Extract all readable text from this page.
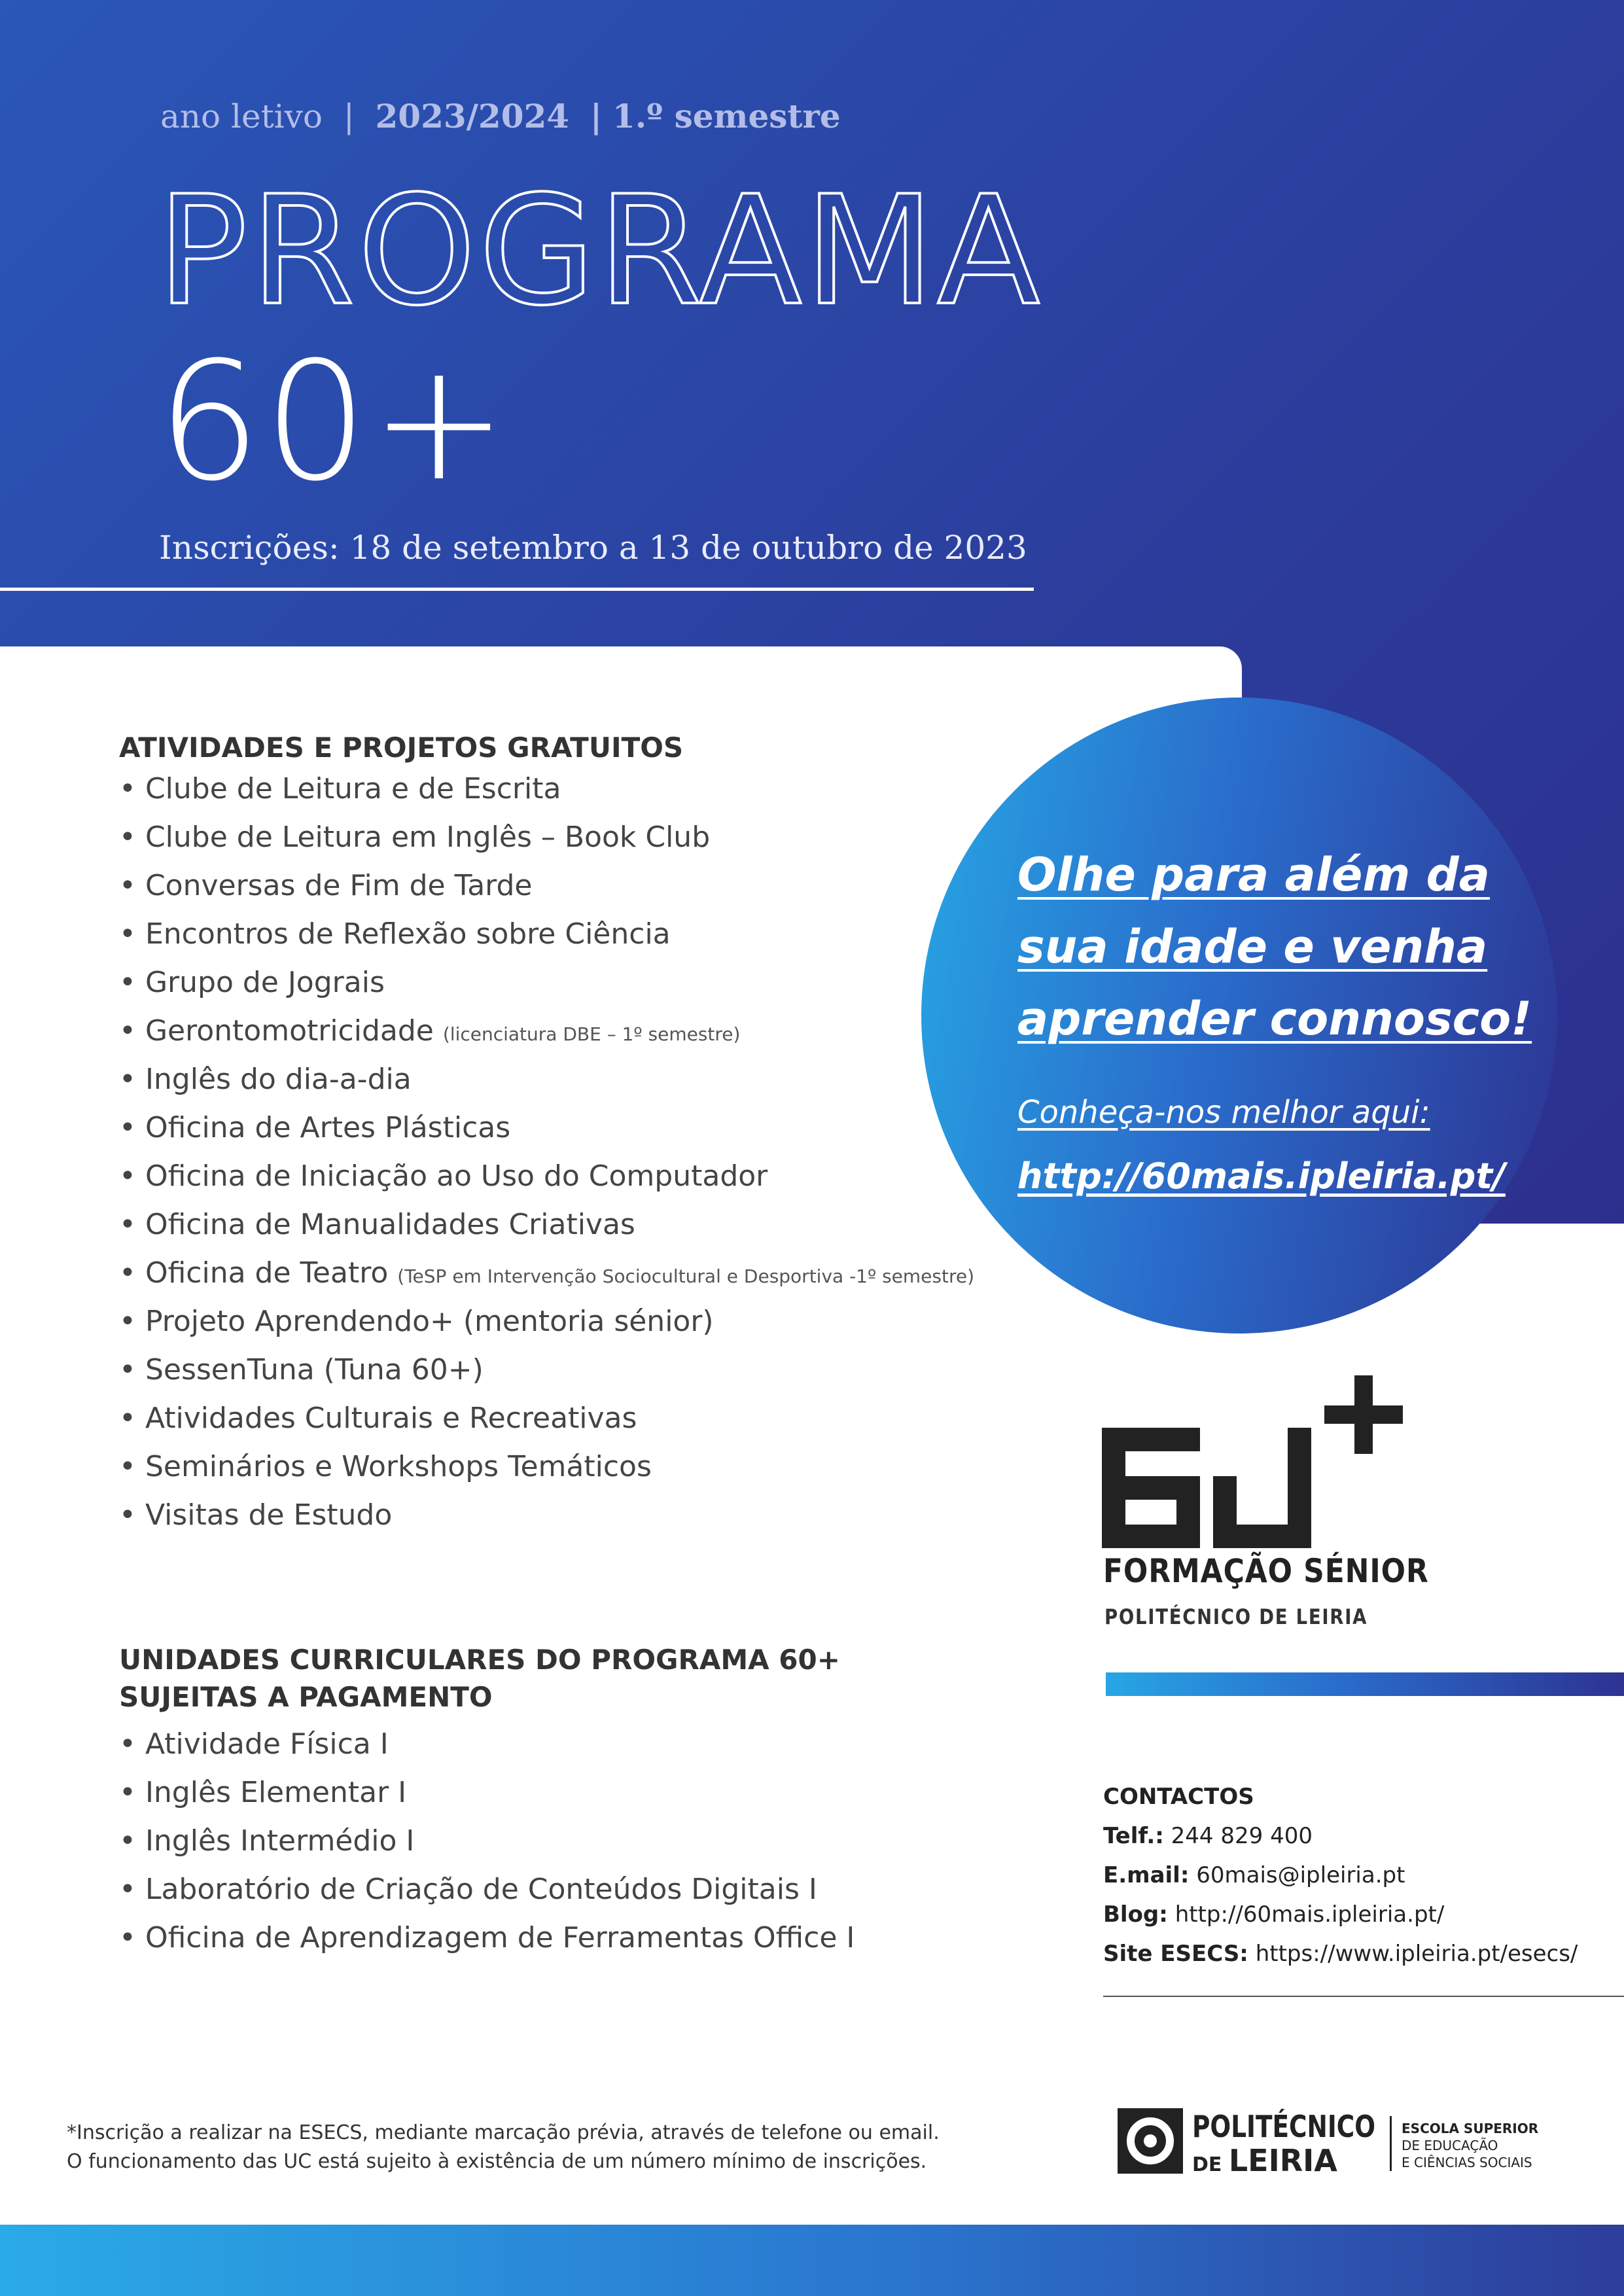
ano letivo | 2023/2024 | 1.º semestre
PROGRAMA
60+
Inscrições: 18 de setembro a 13 de outubro de 2023
ATIVIDADES E PROJETOS GRATUITOS
• Clube de Leitura e de Escrita
• Clube de Leitura em Inglês – Book Club
• Conversas de Fim de Tarde
• Encontros de Reflexão sobre Ciência
• Grupo de Jograis
• Gerontomotricidade (licenciatura DBE – 1º semestre)
• Inglês do dia-a-dia
• Oficina de Artes Plásticas
• Oficina de Iniciação ao Uso do Computador
• Oficina de Manualidades Criativas
• Oficina de Teatro (TeSP em Intervenção Sociocultural e Desportiva -1º semestre)
• Projeto Aprendendo+ (mentoria sénior)
• SessenTuna (Tuna 60+)
• Atividades Culturais e Recreativas
• Seminários e Workshops Temáticos
• Visitas de Estudo
UNIDADES CURRICULARES DO PROGRAMA 60+
SUJEITAS A PAGAMENTO
• Atividade Física I
• Inglês Elementar I
• Inglês Intermédio I
• Laboratório de Criação de Conteúdos Digitais I
• Oficina de Aprendizagem de Ferramentas Office I
Olhe para além da
sua idade e venha
aprender connosco!
Conheça-nos melhor aqui:
http://60mais.ipleiria.pt/
FORMAÇÃO SÉNIOR
POLITÉCNICO DE LEIRIA
CONTACTOS
Telf.: 244 829 400
E.mail: 60mais@ipleiria.pt
Blog: http://60mais.ipleiria.pt/
Site ESECS: https://www.ipleiria.pt/esecs/
*Inscrição a realizar na ESECS, mediante marcação prévia, através de telefone ou email.
O funcionamento das UC está sujeito à existência de um número mínimo de inscrições.
POLITÉCNICO
DE LEIRIA
ESCOLA SUPERIOR
DE EDUCAÇÃO
E CIÊNCIAS SOCIAIS
